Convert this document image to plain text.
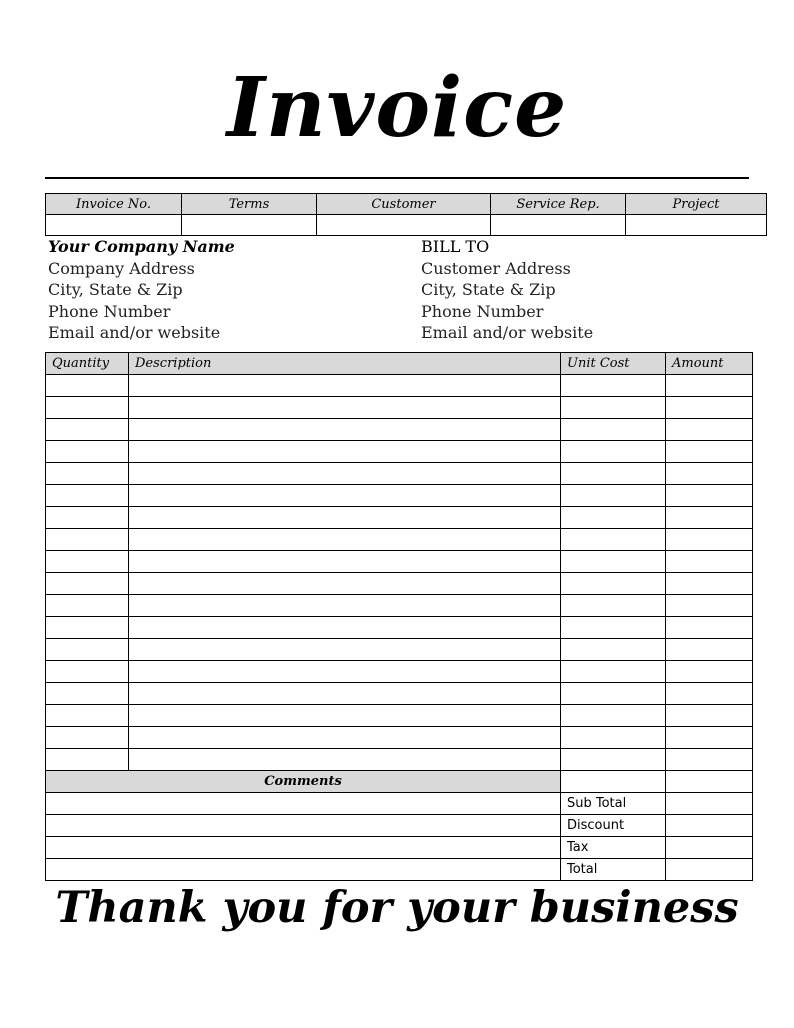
Invoice
Invoice No.	Terms	Customer	Service Rep.	Project

Your Company Name
Company Address
City, State & Zip
Phone Number
Email and/or website
BILL TO
Customer Address
City, State & Zip
Phone Number
Email and/or website
Quantity	Description	Unit Cost	Amount

Comments			
		Sub Total	
		Discount	
		Tax	
		Total	
Thank you for your business
